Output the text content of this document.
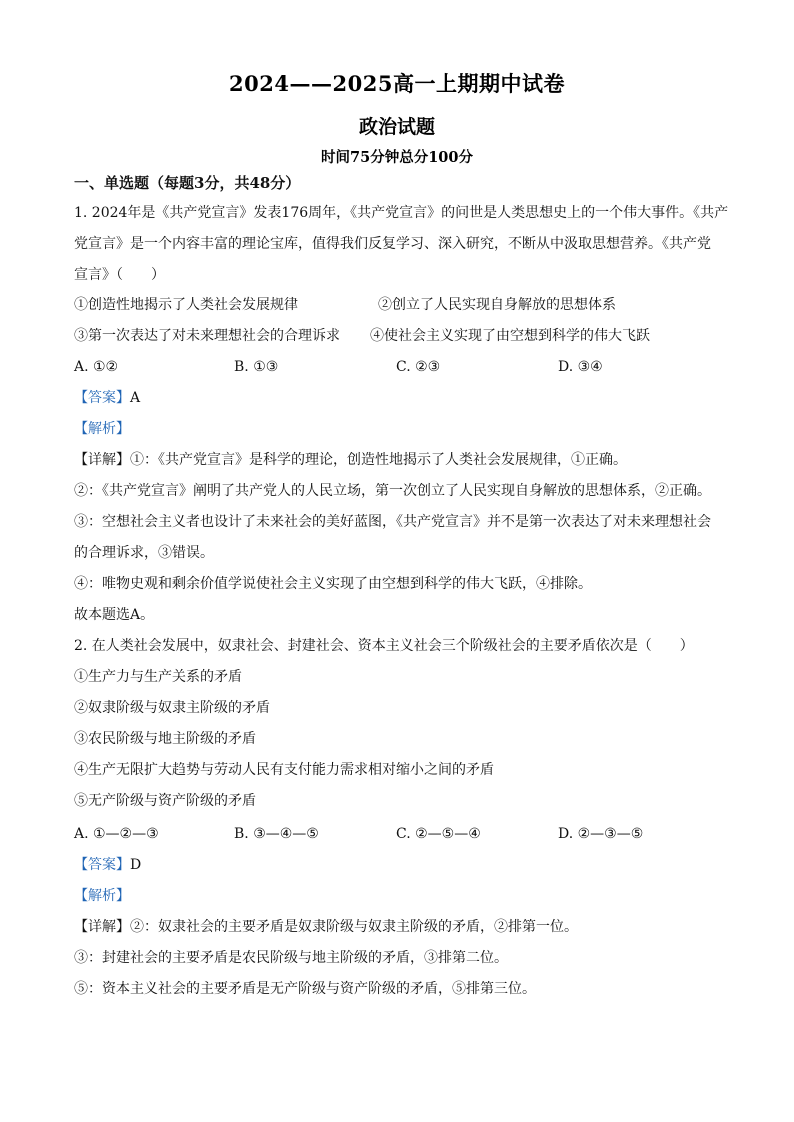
2024——2025高一上期期中试卷
政治试题
时间75分钟总分100分
一、单选题（每题3分，共48分）
1. 2024年是《共产党宣言》发表176周年，《共产党宣言》的问世是人类思想史上的一个伟大事件。《共产
党宣言》是一个内容丰富的理论宝库，值得我们反复学习、深入研究，不断从中汲取思想营养。《共产党
宣言》（　　）
①创造性地揭示了人类社会发展规律	②创立了人民实现自身解放的思想体系
③第一次表达了对未来理想社会的合理诉求 ④使社会主义实现了由空想到科学的伟大飞跃
A. ①②	B. ①③	C. ②③	D. ③④
【答案】A
【解析】
【详解】①：《共产党宣言》是科学的理论，创造性地揭示了人类社会发展规律，①正确。
②：《共产党宣言》阐明了共产党人的人民立场，第一次创立了人民实现自身解放的思想体系，②正确。
③：空想社会主义者也设计了未来社会的美好蓝图，《共产党宣言》并不是第一次表达了对未来理想社会
的合理诉求，③错误。
④：唯物史观和剩余价值学说使社会主义实现了由空想到科学的伟大飞跃，④排除。
故本题选A。
2. 在人类社会发展中，奴隶社会、封建社会、资本主义社会三个阶级社会的主要矛盾依次是（　　）
①生产力与生产关系的矛盾
②奴隶阶级与奴隶主阶级的矛盾
③农民阶级与地主阶级的矛盾
④生产无限扩大趋势与劳动人民有支付能力需求相对缩小之间的矛盾
⑤无产阶级与资产阶级的矛盾
A. ①—②—③	B. ③—④—⑤	C. ②—⑤—④	D. ②—③—⑤
【答案】D
【解析】
【详解】②：奴隶社会的主要矛盾是奴隶阶级与奴隶主阶级的矛盾，②排第一位。
③：封建社会的主要矛盾是农民阶级与地主阶级的矛盾，③排第二位。
⑤：资本主义社会的主要矛盾是无产阶级与资产阶级的矛盾，⑤排第三位。
